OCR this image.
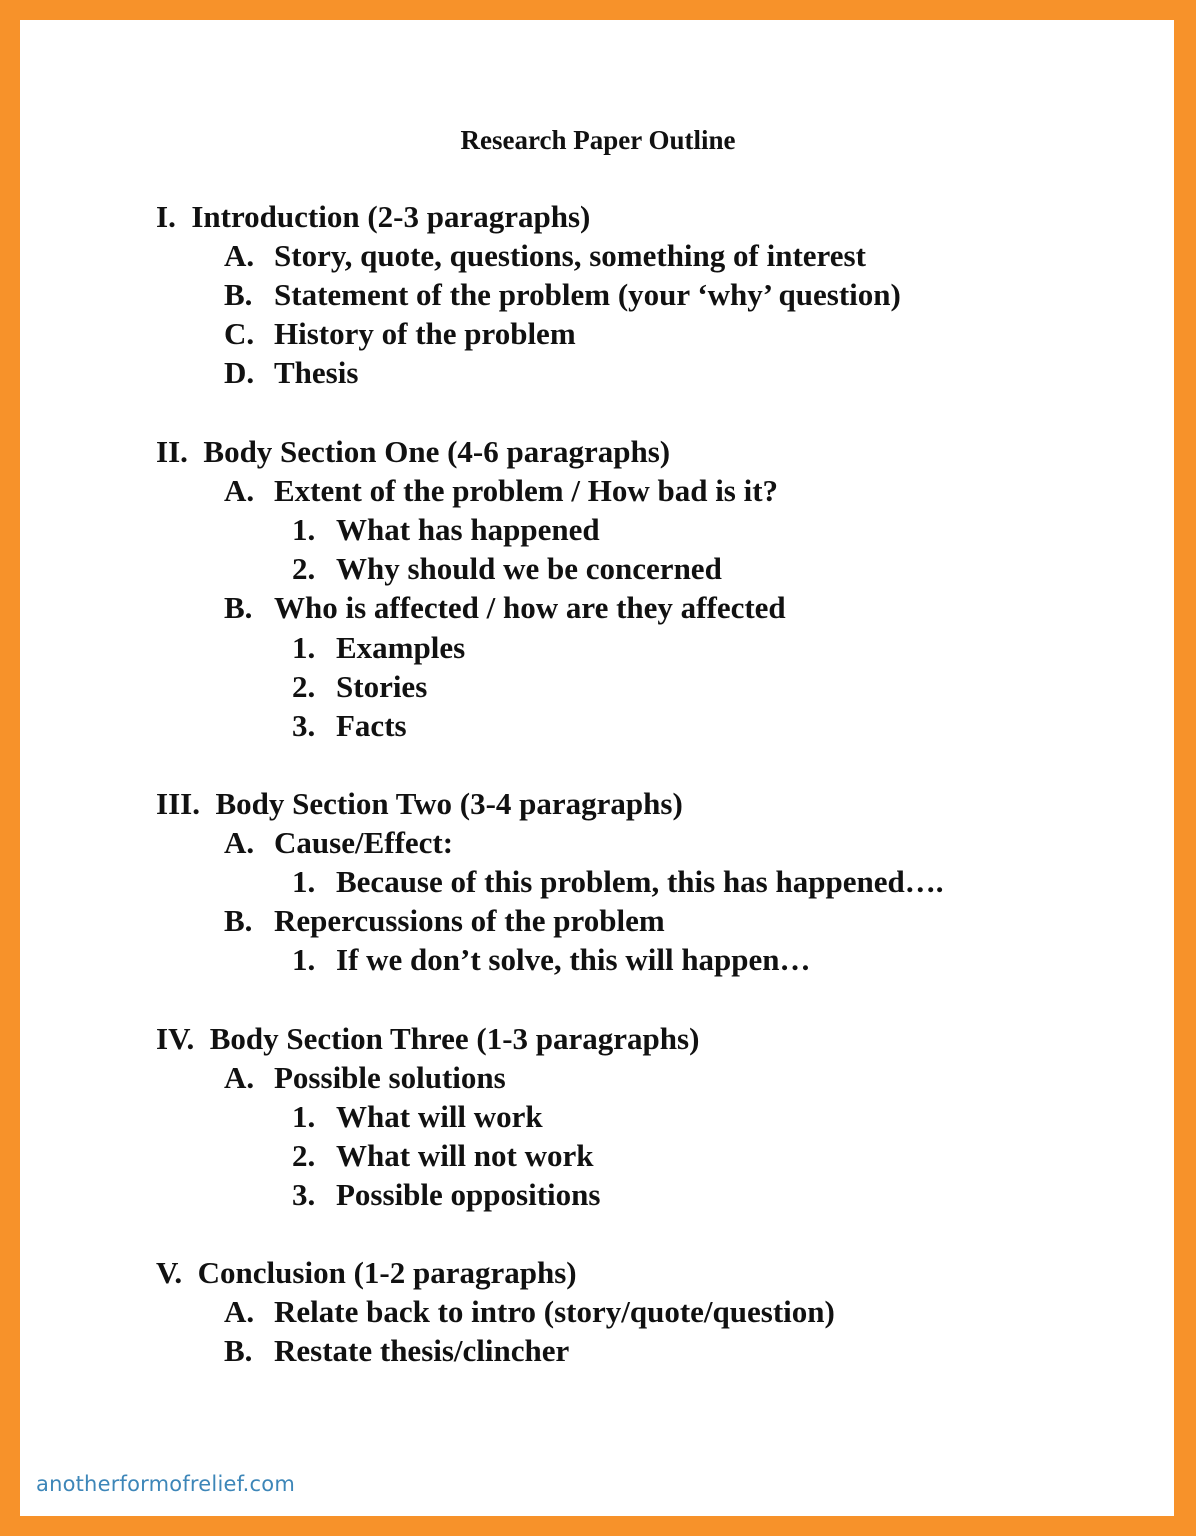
Research Paper Outline
I. Introduction (2-3 paragraphs)
A. Story, quote, questions, something of interest
B. Statement of the problem (your ‘why’ question)
C. History of the problem
D. Thesis
II. Body Section One (4-6 paragraphs)
A. Extent of the problem / How bad is it?
1. What has happened
2. Why should we be concerned
B. Who is affected / how are they affected
1. Examples
2. Stories
3. Facts
III. Body Section Two (3-4 paragraphs)
A. Cause/Effect:
1. Because of this problem, this has happened….
B. Repercussions of the problem
1. If we don’t solve, this will happen…
IV. Body Section Three (1-3 paragraphs)
A. Possible solutions
1. What will work
2. What will not work
3. Possible oppositions
V. Conclusion (1-2 paragraphs)
A. Relate back to intro (story/quote/question)
B. Restate thesis/clincher
anotherformofrelief.com
